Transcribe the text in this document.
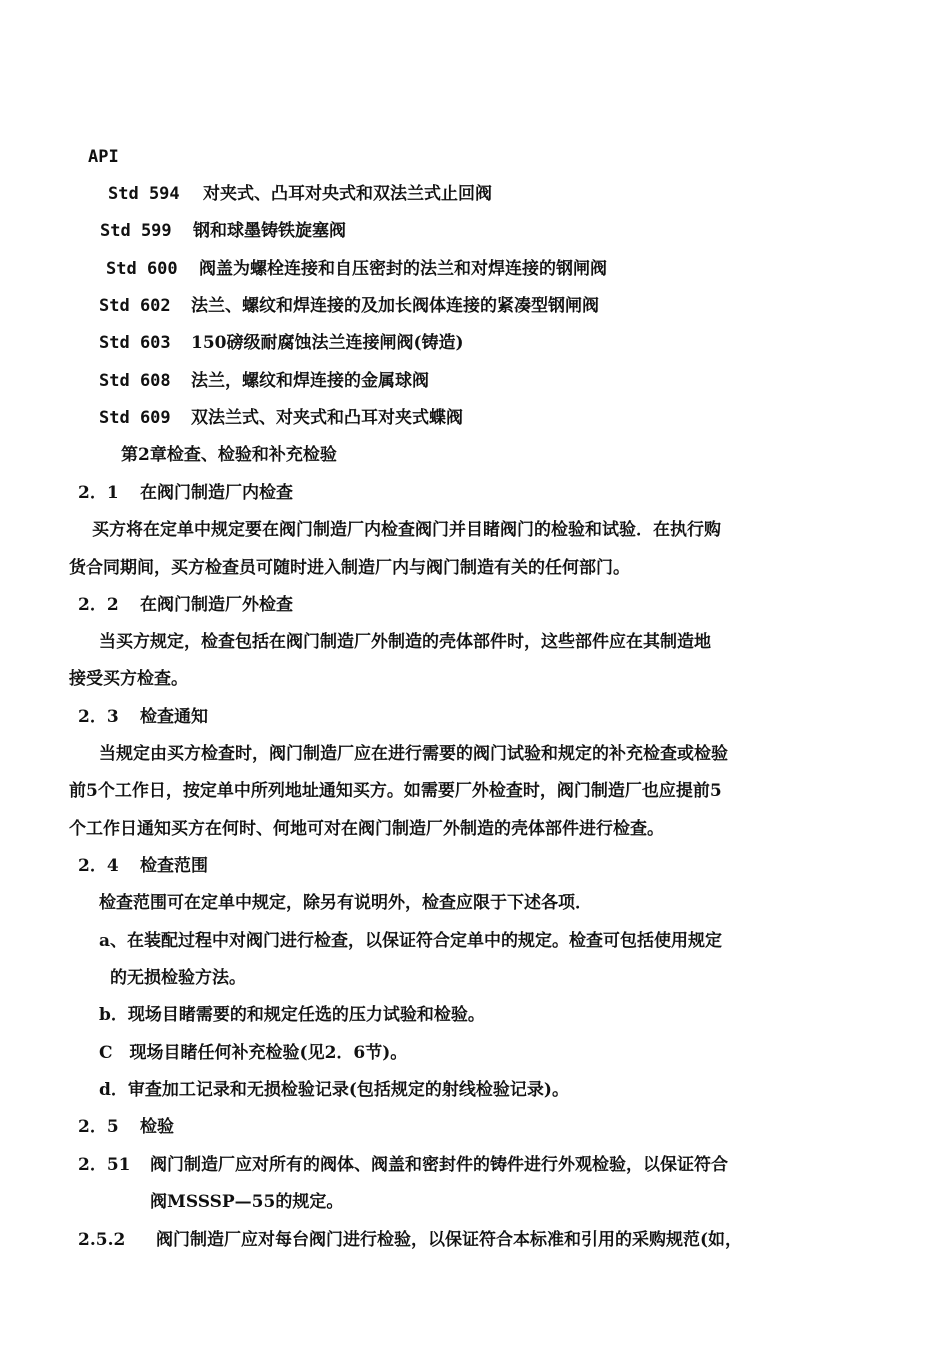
API
Std 594 对夹式、凸耳对央式和双法兰式止回阀
Std 599 钢和球墨铸铁旋塞阀
Std 600 阀盖为螺栓连接和自压密封的法兰和对焊连接的钢闸阀
Std 602 法兰、螺纹和焊连接的及加长阀体连接的紧凑型钢闸阀
Std 603 150磅级耐腐蚀法兰连接闸阀(铸造)
Std 608 法兰，螺纹和焊连接的金属球阀
Std 609 双法兰式、对夹式和凸耳对夹式蝶阀
第2章检查、检验和补充检验
2．1 在阀门制造厂内检查
买方将在定单中规定要在阀门制造厂内检查阀门并目睹阀门的检验和试验．在执行购
货合同期间，买方检查员可随时进入制造厂内与阀门制造有关的任何部门。
2．2 在阀门制造厂外检查
当买方规定，检查包括在阀门制造厂外制造的壳体部件时，这些部件应在其制造地
接受买方检查。
2．3 检查通知
当规定由买方检查时，阀门制造厂应在进行需要的阀门试验和规定的补充检查或检验
前5个工作日，按定单中所列地址通知买方。如需要厂外检查时，阀门制造厂也应提前5
个工作日通知买方在何时、何地可对在阀门制造厂外制造的壳体部件进行检查。
2．4 检查范围
检查范围可在定单中规定，除另有说明外，检查应限于下述各项．
a、在装配过程中对阀门进行检查，以保证符合定单中的规定。检查可包括使用规定
的无损检验方法。
b．现场目睹需要的和规定任选的压力试验和检验。
C　现场目睹任何补充检验(见2．6节)。
d．审查加工记录和无损检验记录(包括规定的射线检验记录)。
2．5 检验
2．51 阀门制造厂应对所有的阀体、阀盖和密封件的铸件进行外观检验，以保证符合
阀MSSSP—55的规定。
2.5.2 阀门制造厂应对每台阀门进行检验，以保证符合本标准和引用的采购规范(如，
